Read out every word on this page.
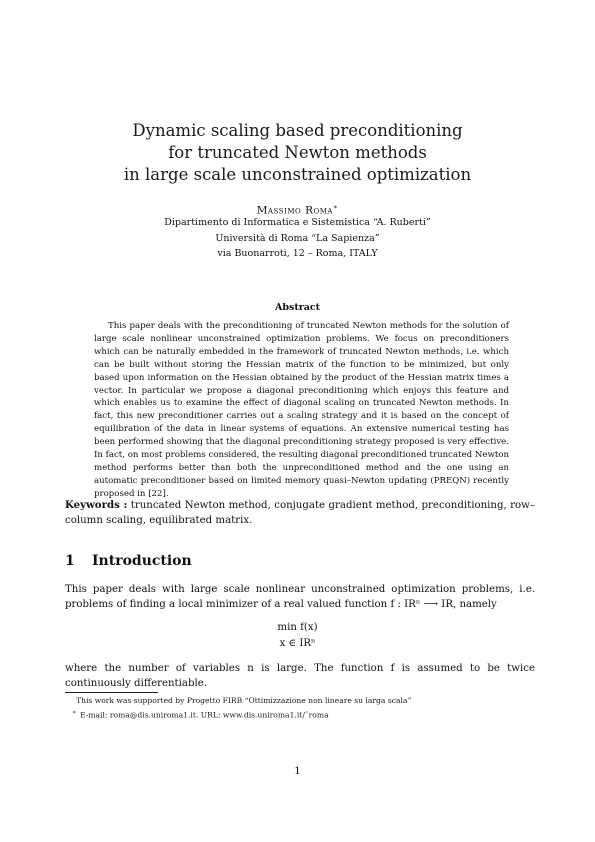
Dynamic scaling based preconditioning
for truncated Newton methods
in large scale unconstrained optimization
Massimo Roma∗
Dipartimento di Informatica e Sistemistica “A. Ruberti”
Università di Roma “La Sapienza”
via Buonarroti, 12 – Roma, ITALY
Abstract
This paper deals with the preconditioning of truncated Newton methods for the solution of large scale nonlinear unconstrained optimization problems. We focus on preconditioners which can be naturally embedded in the framework of truncated Newton methods, i.e. which can be built without storing the Hessian matrix of the function to be minimized, but only based upon information on the Hessian obtained by the product of the Hessian matrix times a vector. In particular we propose a diagonal preconditioning which enjoys this feature and which enables us to examine the effect of diagonal scaling on truncated Newton methods. In fact, this new preconditioner carries out a scaling strategy and it is based on the concept of equilibration of the data in linear systems of equations. An extensive numerical testing has been performed showing that the diagonal preconditioning strategy proposed is very effective. In fact, on most problems considered, the resulting diagonal preconditioned truncated Newton method performs better than both the unpreconditioned method and the one using an automatic preconditioner based on limited memory quasi–Newton updating (PREQN) recently proposed in [22].
Keywords : truncated Newton method, conjugate gradient method, preconditioning, row–column scaling, equilibrated matrix.
1 Introduction
This paper deals with large scale nonlinear unconstrained optimization problems, i.e. problems of finding a local minimizer of a real valued function f : IRⁿ ⟶ IR, namely
min f(x)
x ∈ IRⁿ
where the number of variables n is large. The function f is assumed to be twice continuously differentiable.
This work was supported by Progetto FIRB “Ottimizzazione non lineare su larga scala”
∗ E-mail: roma@dis.uniroma1.it. URL: www.dis.uniroma1.it/˜roma
1
